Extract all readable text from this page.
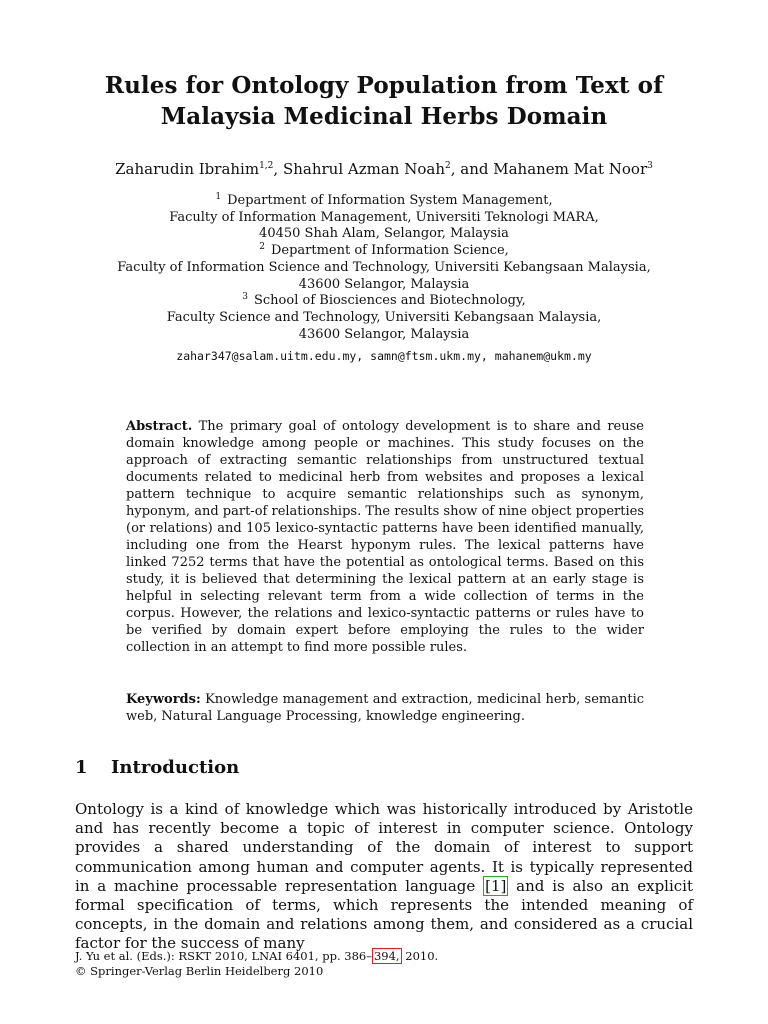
Rules for Ontology Population from Text of
Malaysia Medicinal Herbs Domain
Zaharudin Ibrahim$^{1,2}$, Shahrul Azman Noah$^2$, and Mahanem Mat Noor$^3$
$^1$ Department of Information System Management,
Faculty of Information Management, Universiti Teknologi MARA,
40450 Shah Alam, Selangor, Malaysia
$^2$ Department of Information Science,
Faculty of Information Science and Technology, Universiti Kebangsaan Malaysia,
43600 Selangor, Malaysia
$^3$ School of Biosciences and Biotechnology,
Faculty Science and Technology, Universiti Kebangsaan Malaysia,
43600 Selangor, Malaysia
zahar347@salam.uitm.edu.my, samn@ftsm.ukm.my, mahanem@ukm.my
Abstract. The primary goal of ontology development is to share and reuse domain knowledge among people or machines. This study focuses on the approach of extracting semantic relationships from unstructured textual documents related to medicinal herb from websites and proposes a lexical pattern technique to acquire semantic relationships such as synonym, hyponym, and part-of relationships. The results show of nine object properties (or relations) and 105 lexico-syntactic patterns have been identified manually, including one from the Hearst hyponym rules. The lexical patterns have linked 7252 terms that have the potential as ontological terms. Based on this study, it is believed that determining the lexical pattern at an early stage is helpful in selecting relevant term from a wide collection of terms in the corpus. However, the relations and lexico-syntactic patterns or rules have to be verified by domain expert before employing the rules to the wider collection in an attempt to find more possible rules.
Keywords: Knowledge management and extraction, medicinal herb, semantic web, Natural Language Processing, knowledge engineering.
1 Introduction
Ontology is a kind of knowledge which was historically introduced by Aristotle and has recently become a topic of interest in computer science. Ontology provides a shared understanding of the domain of interest to support communication among human and computer agents. It is typically represented in a machine processable representation language [1] and is also an explicit formal specification of terms, which represents the intended meaning of concepts, in the domain and relations among them, and considered as a crucial factor for the success of many
J. Yu et al. (Eds.): RSKT 2010, LNAI 6401, pp. 386– 394, 2010.
© Springer-Verlag Berlin Heidelberg 2010
